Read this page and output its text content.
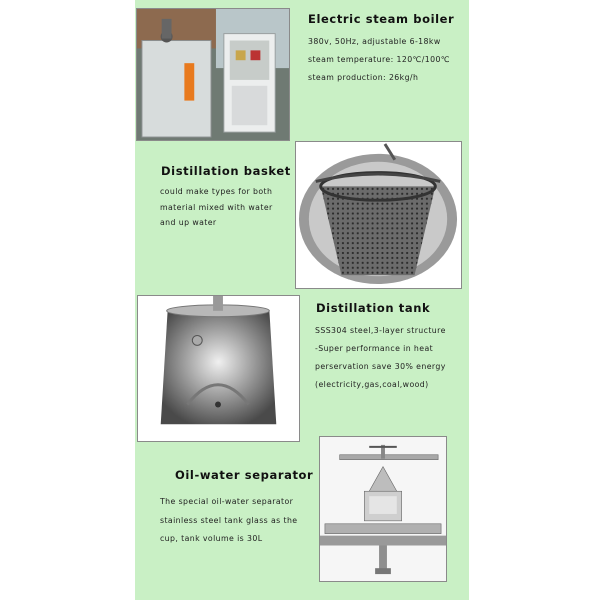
Electric steam boiler
380v, 50Hz, adjustable 6-18kw
steam temperature: 120℃/100℃
steam production: 26kg/h
Distillation basket
could make types for both
material mixed with water
and up water
Distillation tank
SSS304 steel,3-layer structure
-Super performance in heat
perservation save 30% energy
(electricity,gas,coal,wood)
Oil-water separator
The special oil-water separator
stainless steel tank glass as the
cup, tank volume is 30L
